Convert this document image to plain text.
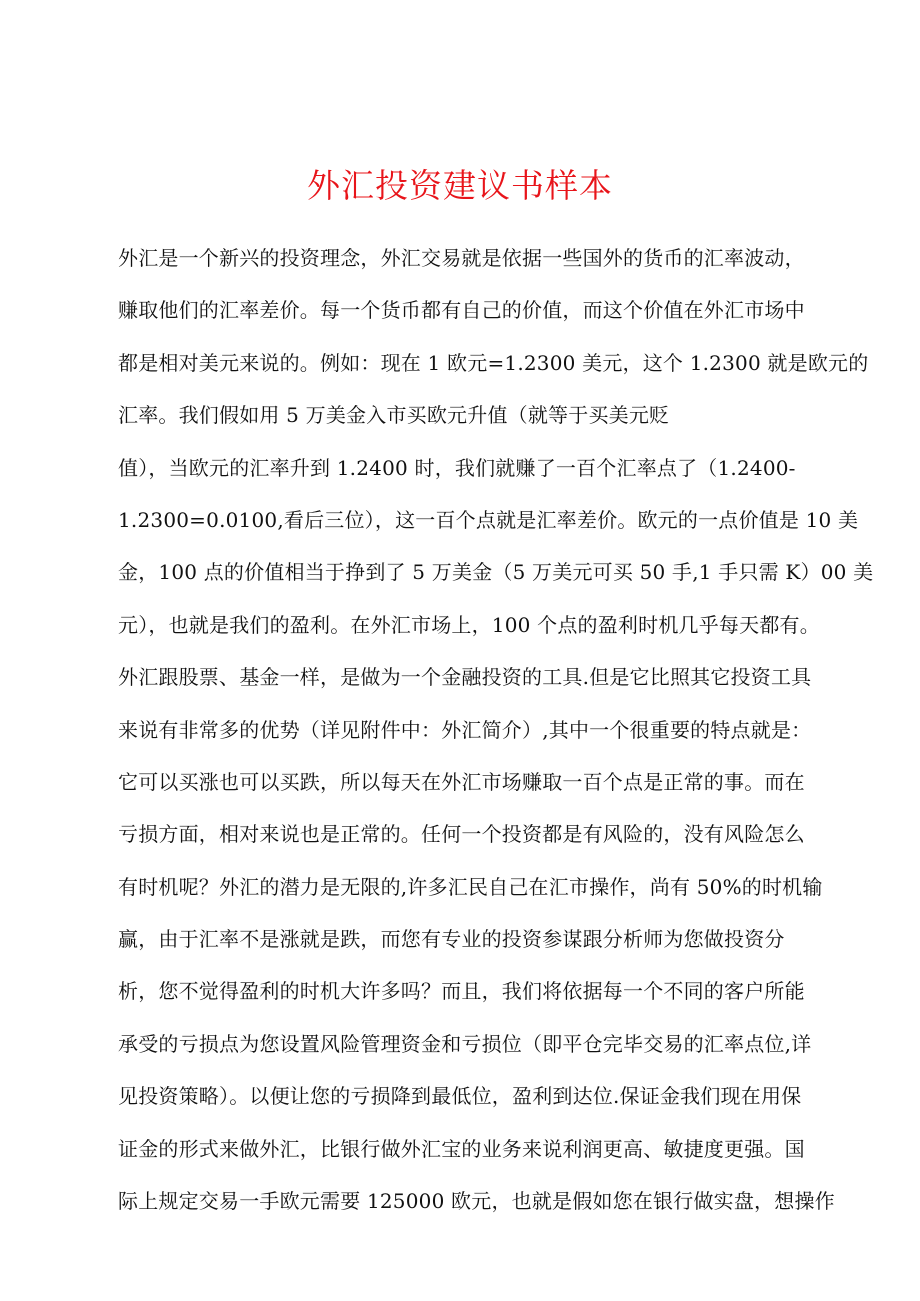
外汇投资建议书样本
外汇是一个新兴的投资理念，外汇交易就是依据一些国外的货币的汇率波动，
赚取他们的汇率差价。每一个货币都有自己的价值，而这个价值在外汇市场中
都是相对美元来说的。例如：现在 1 欧元=1.2300 美元，这个 1.2300 就是欧元的
汇率。我们假如用 5 万美金入市买欧元升值（就等于买美元贬
值），当欧元的汇率升到 1.2400 时，我们就赚了一百个汇率点了（1.2400-
1.2300=0.0100,看后三位），这一百个点就是汇率差价。欧元的一点价值是 10 美
金，100 点的价值相当于挣到了 5 万美金（5 万美元可买 50 手,1 手只需 K）00 美
元），也就是我们的盈利。在外汇市场上，100 个点的盈利时机几乎每天都有。
外汇跟股票、基金一样，是做为一个金融投资的工具.但是它比照其它投资工具
来说有非常多的优势（详见附件中：外汇简介）,其中一个很重要的特点就是：
它可以买涨也可以买跌，所以每天在外汇市场赚取一百个点是正常的事。而在
亏损方面，相对来说也是正常的。任何一个投资都是有风险的，没有风险怎么
有时机呢？外汇的潜力是无限的,许多汇民自己在汇市操作，尚有 50%的时机输
赢，由于汇率不是涨就是跌，而您有专业的投资参谋跟分析师为您做投资分
析，您不觉得盈利的时机大许多吗？而且，我们将依据每一个不同的客户所能
承受的亏损点为您设置风险管理资金和亏损位（即平仓完毕交易的汇率点位,详
见投资策略）。以便让您的亏损降到最低位，盈利到达位.保证金我们现在用保
证金的形式来做外汇，比银行做外汇宝的业务来说利润更高、敏捷度更强。国
际上规定交易一手欧元需要 125000 欧元，也就是假如您在银行做实盘，想操作
